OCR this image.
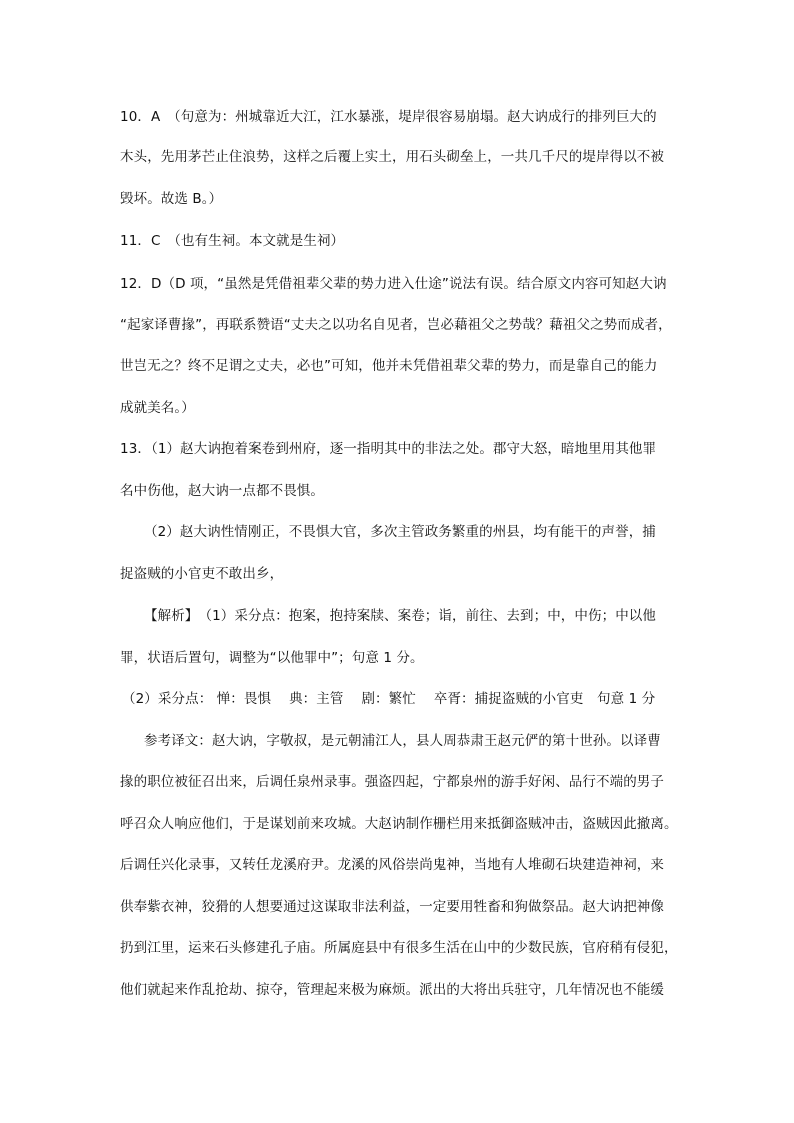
10．A　（句意为：州城靠近大江，江水暴涨，堤岸很容易崩塌。赵大讷成行的排列巨大的
木头，先用茅芒止住浪势，这样之后覆上实土，用石头砌垒上，一共几千尺的堤岸得以不被
毁坏。故选 B。）
11．C　（也有生祠。本文就是生祠）
12．D（D 项，“虽然是凭借祖辈父辈的势力进入仕途”说法有误。结合原文内容可知赵大讷
“起家译曹掾”，再联系赞语“丈夫之以功名自见者，岂必藉祖父之势哉？藉祖父之势而成者，
世岂无之？终不足谓之丈夫，必也”可知，他并未凭借祖辈父辈的势力，而是靠自己的能力
成就美名。）
13．（1）赵大讷抱着案卷到州府，逐一指明其中的非法之处。郡守大怒，暗地里用其他罪
名中伤他，赵大讷一点都不畏惧。
（2）赵大讷性情刚正，不畏惧大官，多次主管政务繁重的州县，均有能干的声誉，捕
捉盗贼的小官吏不敢出乡，
【解析】　（1）采分点：抱案，抱持案牍、案卷；诣，前往、去到；中，中伤；中以他
罪，状语后置句，调整为“以他罪中”；句意 1 分。
（2）采分点： 惮：畏惧　 典：主管　 剧：繁忙　 卒胥：捕捉盗贼的小官吏　句意 1 分
参考译文：赵大讷，字敬叔，是元朝浦江人，县人周恭肃王赵元俨的第十世孙。以译曹
掾的职位被征召出来，后调任泉州录事。强盗四起，宁都泉州的游手好闲、品行不端的男子
呼召众人响应他们，于是谋划前来攻城。大赵讷制作栅栏用来抵御盗贼冲击，盗贼因此撤离。
后调任兴化录事，又转任龙溪府尹。龙溪的风俗崇尚鬼神，当地有人堆砌石块建造神祠，来
供奉紫衣神，狡猾的人想要通过这谋取非法利益，一定要用牲畜和狗做祭品。赵大讷把神像
扔到江里，运来石头修建孔子庙。所属庭县中有很多生活在山中的少数民族，官府稍有侵犯，
他们就起来作乱抢劫、掠夺，管理起来极为麻烦。派出的大将出兵驻守，几年情况也不能缓
